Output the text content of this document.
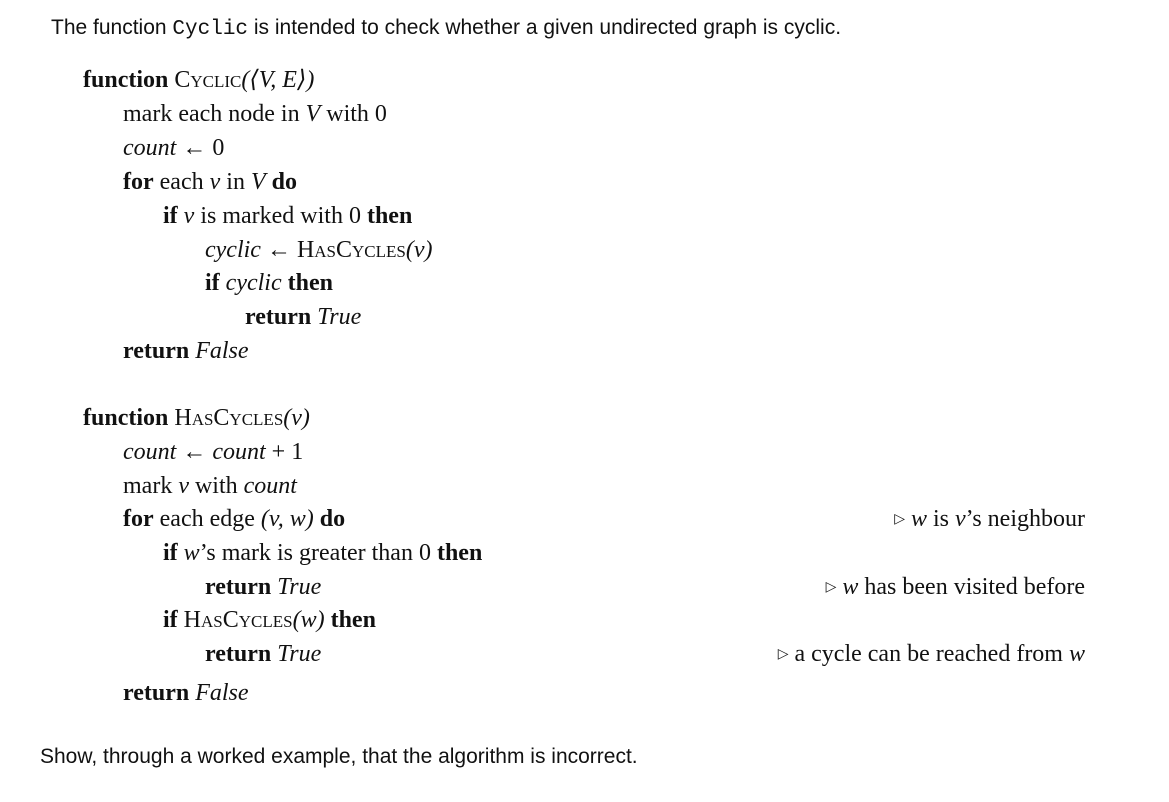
The function Cyclic is intended to check whether a given undirected graph is cyclic.
function Cyclic(⟨V, E⟩)
mark each node in V with 0
count ← 0
for each v in V do
if v is marked with 0 then
cyclic ← HasCycles(v)
if cyclic then
return True
return False
function HasCycles(v)
count ← count + 1
mark v with count
for each edge (v, w) do	▷ w is v’s neighbour
if w’s mark is greater than 0 then
return True	▷ w has been visited before
if HasCycles(w) then
return True	▷ a cycle can be reached from w
return False
Show, through a worked example, that the algorithm is incorrect.
